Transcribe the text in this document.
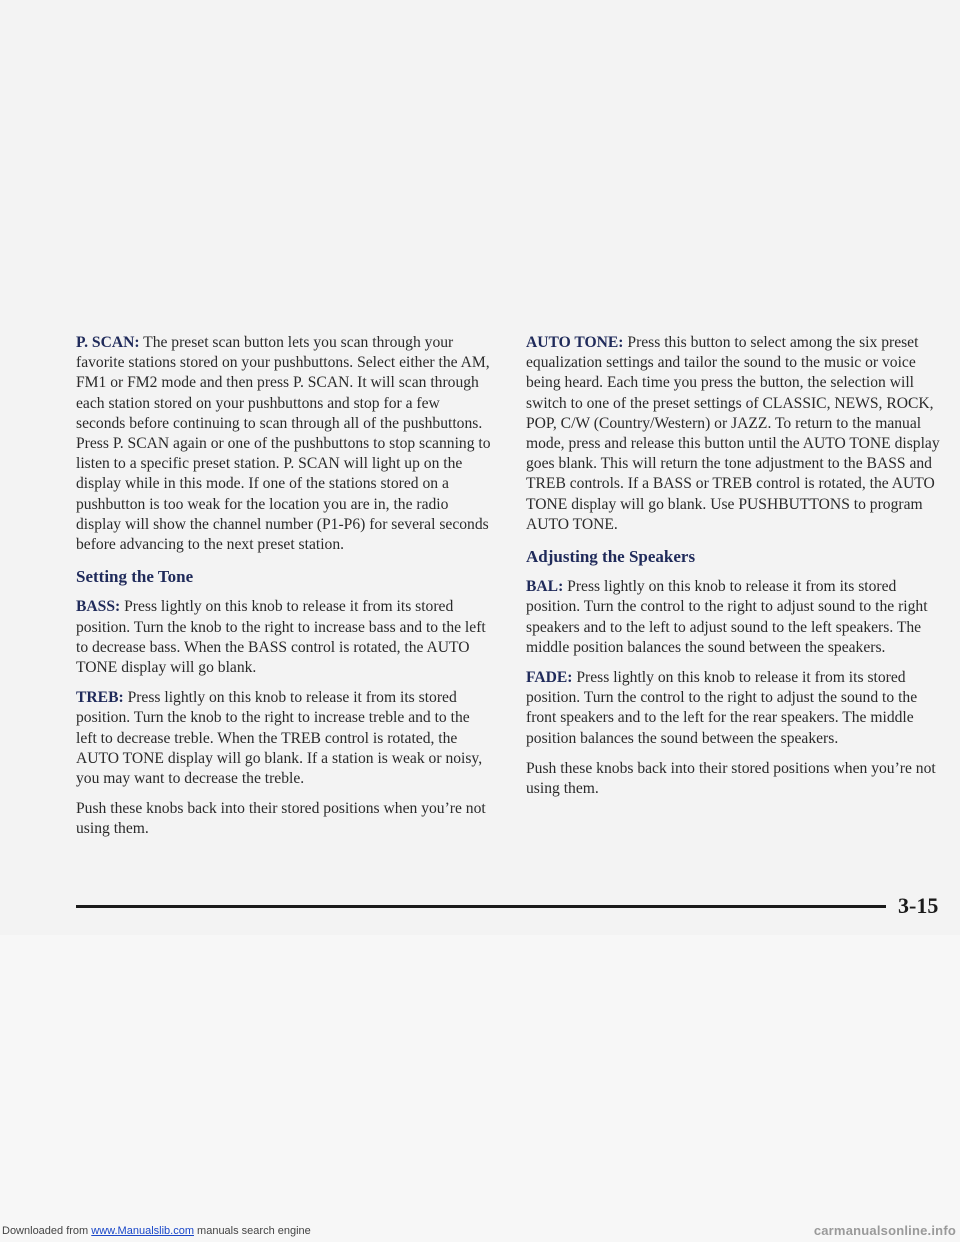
P. SCAN: The preset scan button lets you scan through your favorite stations stored on your pushbuttons. Select either the AM, FM1 or FM2 mode and then press P. SCAN. It will scan through each station stored on your pushbuttons and stop for a few seconds before continuing to scan through all of the pushbuttons. Press P. SCAN again or one of the pushbuttons to stop scanning to listen to a specific preset station. P. SCAN will light up on the display while in this mode. If one of the stations stored on a pushbutton is too weak for the location you are in, the radio display will show the channel number (P1-P6) for several seconds before advancing to the next preset station.

Setting the Tone

BASS: Press lightly on this knob to release it from its stored position. Turn the knob to the right to increase bass and to the left to decrease bass. When the BASS control is rotated, the AUTO TONE display will go blank.

TREB: Press lightly on this knob to release it from its stored position. Turn the knob to the right to increase treble and to the left to decrease treble. When the TREB control is rotated, the AUTO TONE display will go blank. If a station is weak or noisy, you may want to decrease the treble.

Push these knobs back into their stored positions when you’re not using them.

AUTO TONE: Press this button to select among the six preset equalization settings and tailor the sound to the music or voice being heard. Each time you press the button, the selection will switch to one of the preset settings of CLASSIC, NEWS, ROCK, POP, C/W (Country/Western) or JAZZ. To return to the manual mode, press and release this button until the AUTO TONE display goes blank. This will return the tone adjustment to the BASS and TREB controls. If a BASS or TREB control is rotated, the AUTO TONE display will go blank. Use PUSHBUTTONS to program AUTO TONE.

Adjusting the Speakers

BAL: Press lightly on this knob to release it from its stored position. Turn the control to the right to adjust sound to the right speakers and to the left to adjust sound to the left speakers. The middle position balances the sound between the speakers.

FADE: Press lightly on this knob to release it from its stored position. Turn the control to the right to adjust the sound to the front speakers and to the left for the rear speakers. The middle position balances the sound between the speakers.

Push these knobs back into their stored positions when you’re not using them.

3-15
Downloaded from www.Manualslib.com manuals search engine	carmanualsonline.info
